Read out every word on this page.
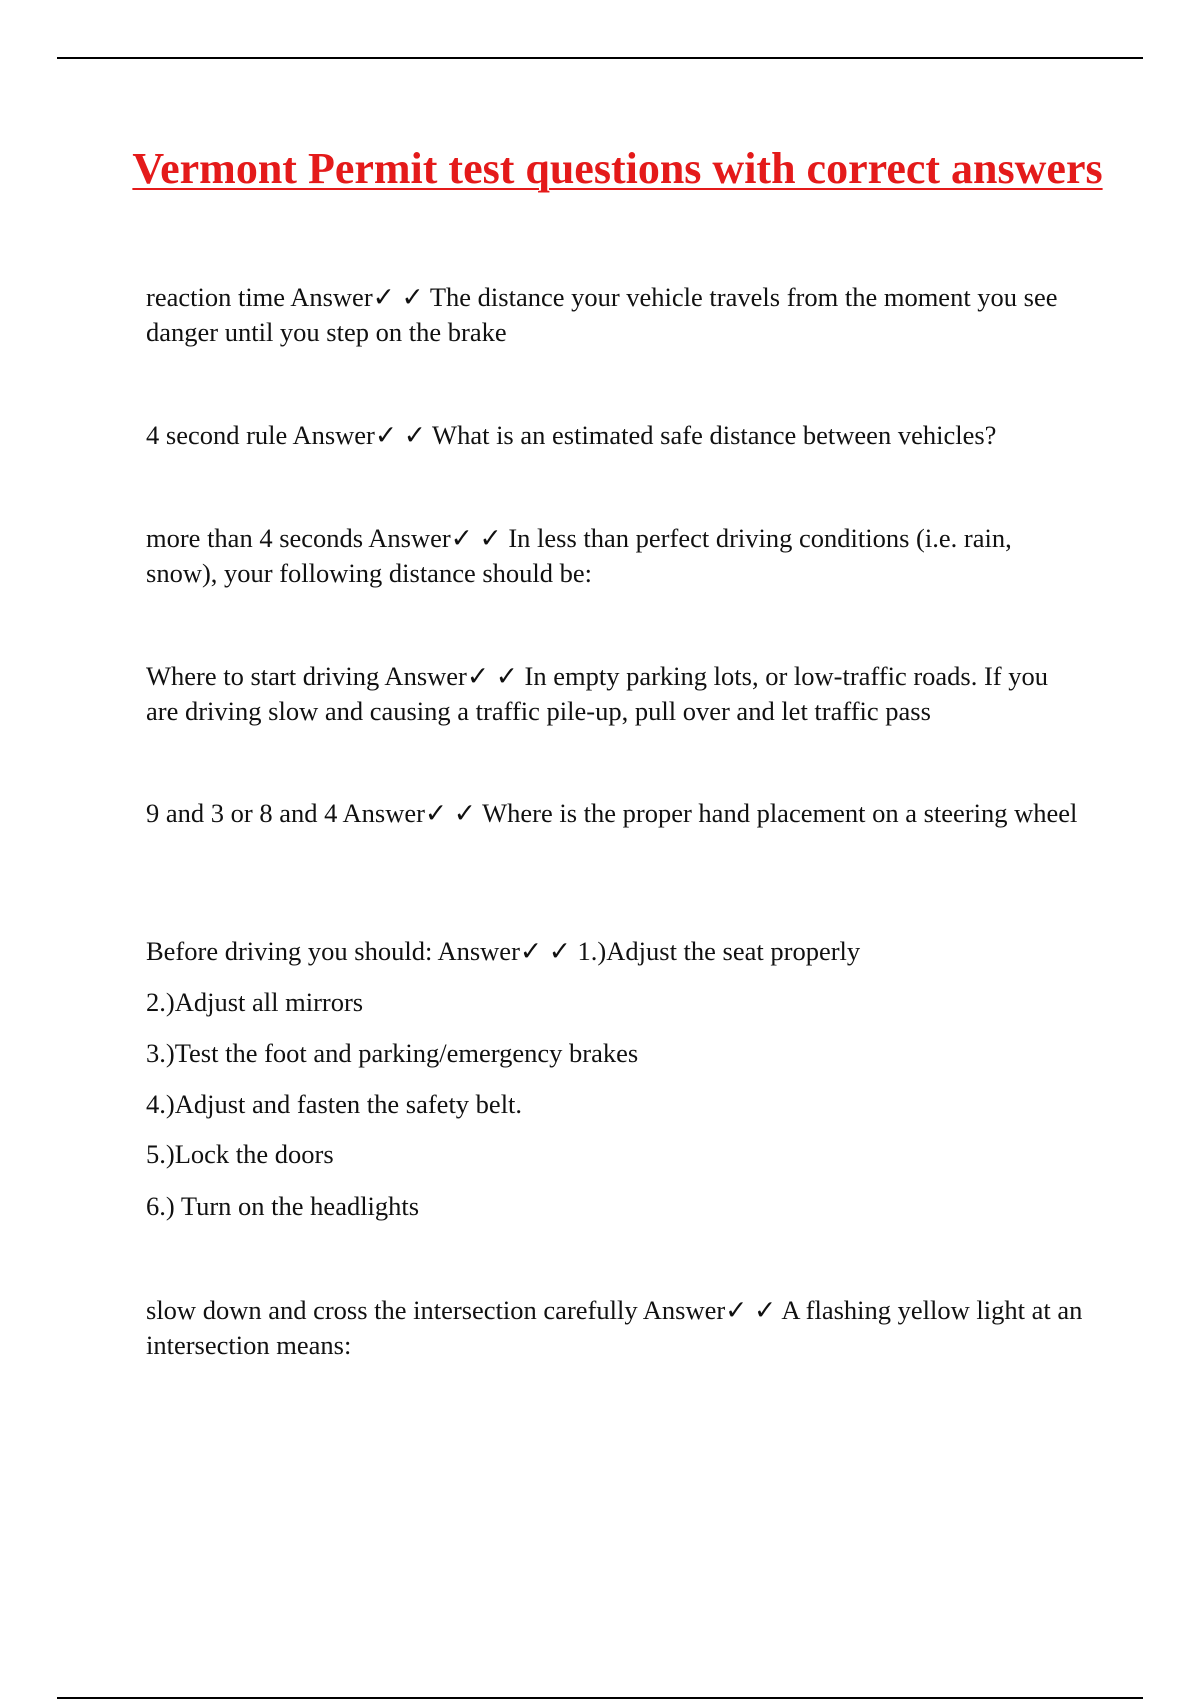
Vermont Permit test questions with correct answers

reaction time Answer✓ ✓ The distance your vehicle travels from the moment you see danger until you step on the brake

4 second rule Answer✓ ✓ What is an estimated safe distance between vehicles?

more than 4 seconds Answer✓ ✓ In less than perfect driving conditions (i.e. rain, snow), your following distance should be:

Where to start driving Answer✓ ✓ In empty parking lots, or low-traffic roads. If you are driving slow and causing a traffic pile-up, pull over and let traffic pass

9 and 3 or 8 and 4 Answer✓ ✓ Where is the proper hand placement on a steering wheel

Before driving you should: Answer✓ ✓ 1.)Adjust the seat properly

2.)Adjust all mirrors

3.)Test the foot and parking/emergency brakes

4.)Adjust and fasten the safety belt.

5.)Lock the doors

6.) Turn on the headlights

slow down and cross the intersection carefully Answer✓ ✓ A flashing yellow light at an intersection means:
